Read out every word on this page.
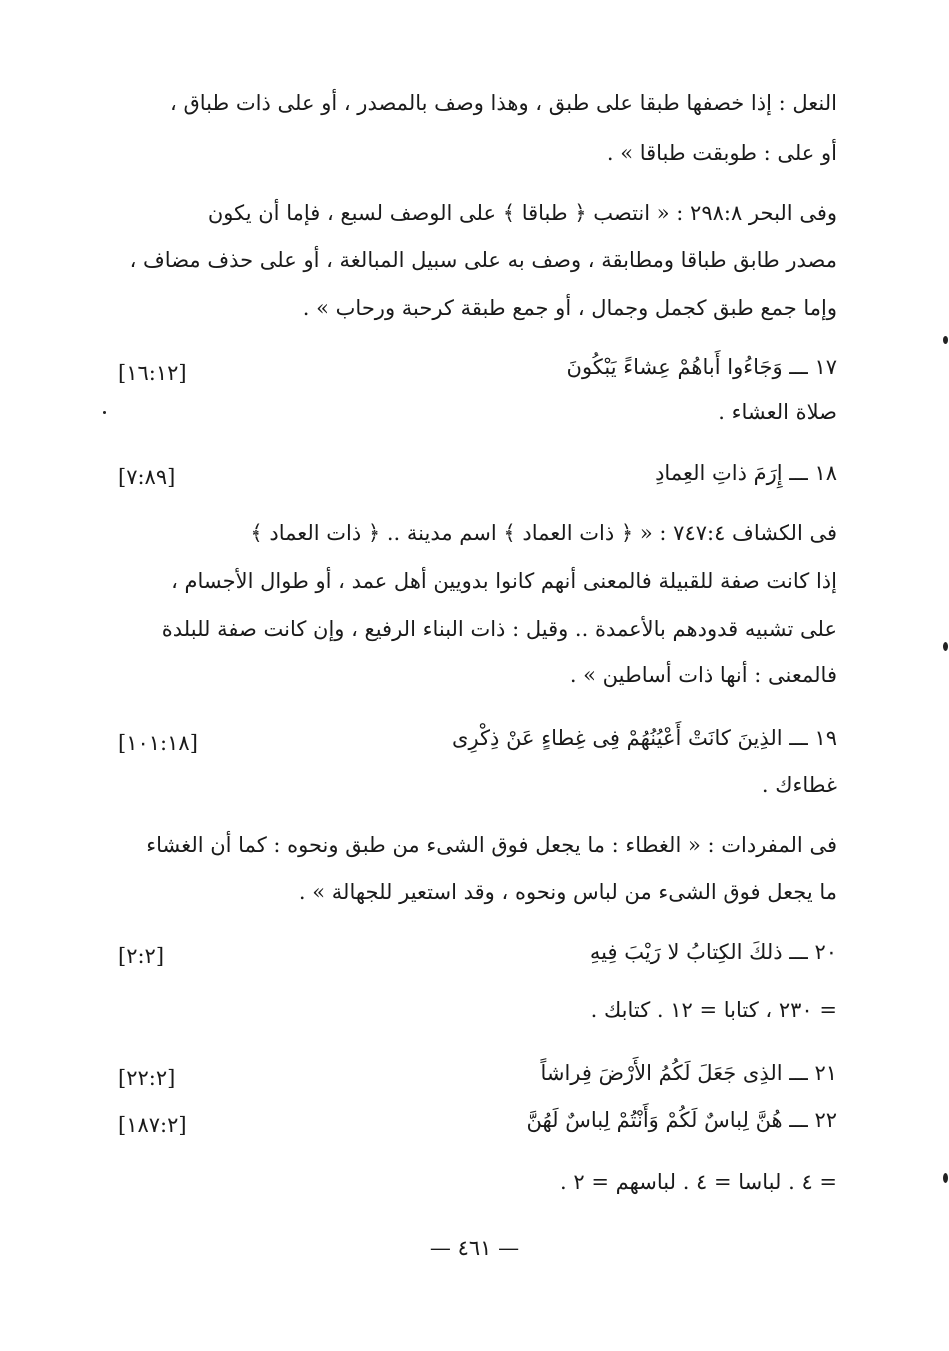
النعل : إذا خصفها طبقا على طبق ، وهذا وصف بالمصدر ، أو على ذات طباق ،
أو على : طوبقت طباقا » .
وفى البحر ٢٩٨:٨ : « انتصب ﴿ طباقا ﴾ على الوصف لسبع ، فإما أن يكون
مصدر طابق طباقا ومطابقة ، وصف به على سبيل المبالغة ، أو على حذف مضاف ،
وإما جمع طبق كجمل وجمال ، أو جمع طبقة كرحبة ورحاب » .
١٧ ـــ وَجَاءُوا أَباهُمْ عِشاءً يَبْكُونَ
[١٦:١٢]
صلاة العشاء .
١٨ ـــ إِرَمَ ذاتِ العِمادِ
[٧:٨٩]
فى الكشاف ٧٤٧:٤ : « ﴿ ذات العماد ﴾ اسم مدينة .. ﴿ ذات العماد ﴾
إذا كانت صفة للقبيلة فالمعنى أنهم كانوا بدويين أهل عمد ، أو طوال الأجسام ،
على تشبيه قدودهم بالأعمدة .. وقيل : ذات البناء الرفيع ، وإن كانت صفة للبلدة
فالمعنى : أنها ذات أساطين » .
١٩ ـــ الذِينَ كانَتْ أَعْيُنُهُمْ فِى غِطاءٍ عَنْ ذِكْرِى
[١٠١:١٨]
غطاءك .
فى المفردات : « الغطاء : ما يجعل فوق الشىء من طبق ونحوه : كما أن الغشاء
ما يجعل فوق الشىء من لباس ونحوه ، وقد استعير للجهالة » .
٢٠ ـــ ذلكَ الكِتابُ لا رَيْبَ فِيهِ
[٢:٢]
= ٢٣٠ ، كتابا = ١٢ . كتابك .
٢١ ـــ الذِى جَعَلَ لَكُمُ الأَرْضَ فِراشاً
[٢٢:٢]
٢٢ ـــ هُنَّ لِباسٌ لَكُمْ وَأَنْتُمْ لِباسٌ لَهُنَّ
[١٨٧:٢]
= ٤ . لباسا = ٤ . لباسهم = ٢ .
— ٤٦١ —
